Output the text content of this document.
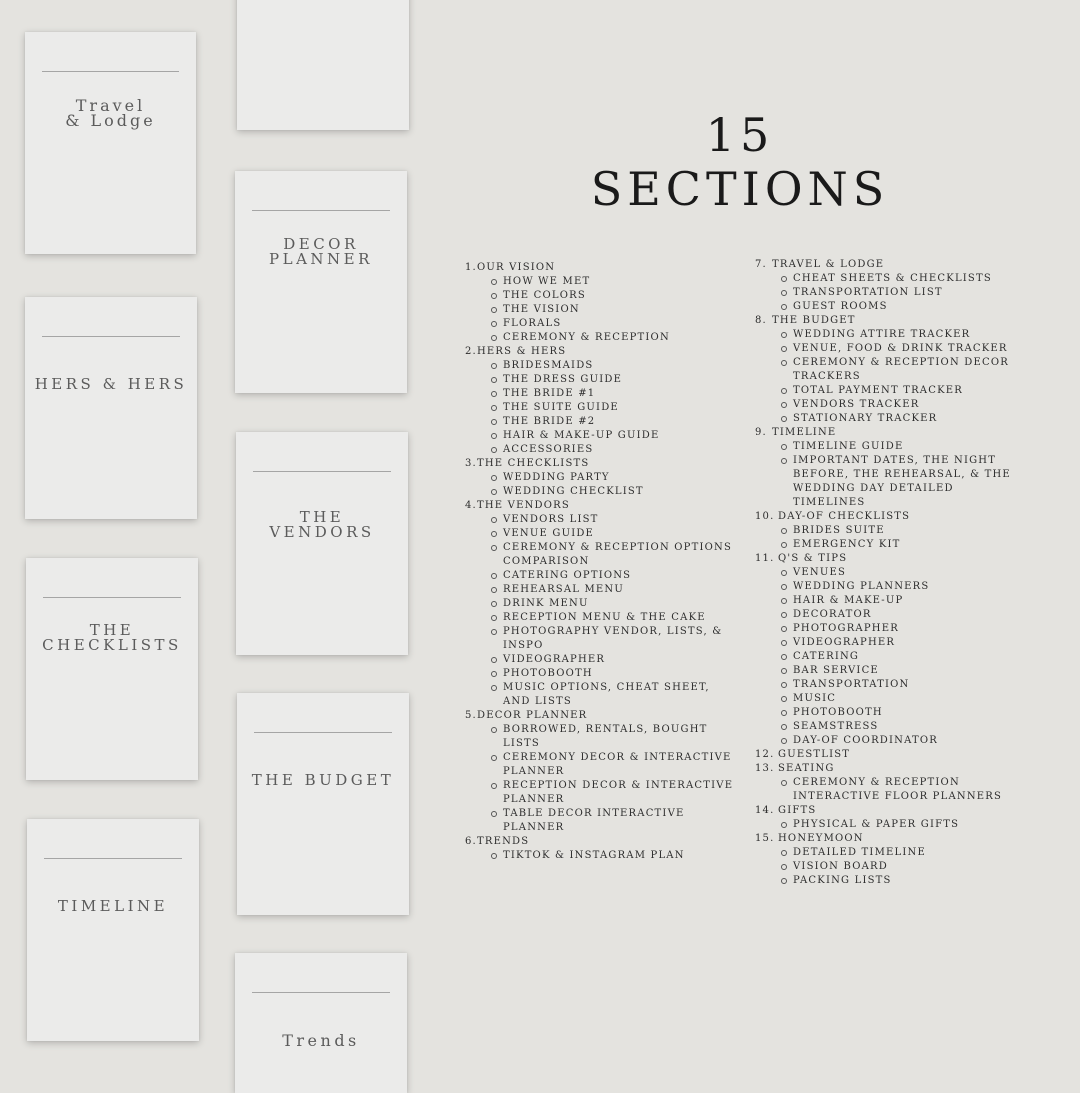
Travel
& Lodge
DECOR
PLANNER
HERS & HERS
THE
VENDORS
THE
CHECKLISTS
THE BUDGET
TIMELINE
Trends
15 SECTIONS
1.OUR VISION
HOW WE MET
THE COLORS
THE VISION
FLORALS
CEREMONY & RECEPTION
2.HERS & HERS
BRIDESMAIDS
THE DRESS GUIDE
THE BRIDE #1
THE SUITE GUIDE
THE BRIDE #2
HAIR & MAKE-UP GUIDE
ACCESSORIES
3.THE CHECKLISTS
WEDDING PARTY
WEDDING CHECKLIST
4.THE VENDORS
VENDORS LIST
VENUE GUIDE
CEREMONY & RECEPTION OPTIONS COMPARISON
CATERING OPTIONS
REHEARSAL MENU
DRINK MENU
RECEPTION MENU & THE CAKE
PHOTOGRAPHY VENDOR, LISTS, & INSPO
VIDEOGRAPHER
PHOTOBOOTH
MUSIC OPTIONS, CHEAT SHEET, AND LISTS
5.DECOR PLANNER
BORROWED, RENTALS, BOUGHT LISTS
CEREMONY DECOR & INTERACTIVE PLANNER
RECEPTION DECOR & INTERACTIVE PLANNER
TABLE DECOR INTERACTIVE PLANNER
6.TRENDS
TIKTOK & INSTAGRAM PLAN
7. TRAVEL & LODGE
CHEAT SHEETS & CHECKLISTS
TRANSPORTATION LIST
GUEST ROOMS
8. THE BUDGET
WEDDING ATTIRE TRACKER
VENUE, FOOD & DRINK TRACKER
CEREMONY & RECEPTION DECOR TRACKERS
TOTAL PAYMENT TRACKER
VENDORS TRACKER
STATIONARY TRACKER
9. TIMELINE
TIMELINE GUIDE
IMPORTANT DATES, THE NIGHT BEFORE, THE REHEARSAL, & THE WEDDING DAY DETAILED TIMELINES
10. DAY-OF CHECKLISTS
BRIDES SUITE
EMERGENCY KIT
11. Q'S & TIPS
VENUES
WEDDING PLANNERS
HAIR & MAKE-UP
DECORATOR
PHOTOGRAPHER
VIDEOGRAPHER
CATERING
BAR SERVICE
TRANSPORTATION
MUSIC
PHOTOBOOTH
SEAMSTRESS
DAY-OF COORDINATOR
12. GUESTLIST
13. SEATING
CEREMONY & RECEPTION INTERACTIVE FLOOR PLANNERS
14. GIFTS
PHYSICAL & PAPER GIFTS
15. HONEYMOON
DETAILED TIMELINE
VISION BOARD
PACKING LISTS
